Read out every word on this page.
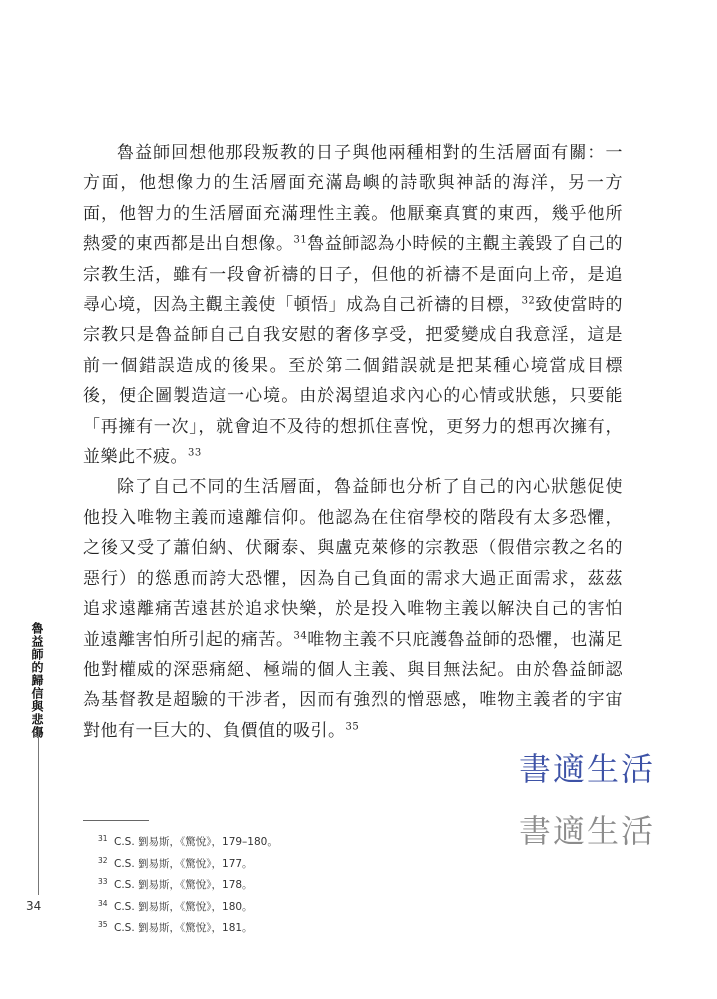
魯益師回想他那段叛教的日子與他兩種相對的生活層面有關：一方面，他想像力的生活層面充滿島嶼的詩歌與神話的海洋，另一方面，他智力的生活層面充滿理性主義。他厭棄真實的東西，幾乎他所熱愛的東西都是出自想像。$^{31}$魯益師認為小時候的主觀主義毀了自己的宗教生活，雖有一段會祈禱的日子，但他的祈禱不是面向上帝，是追尋心境，因為主觀主義使「頓悟」成為自己祈禱的目標，$^{32}$致使當時的宗教只是魯益師自己自我安慰的奢侈享受，把愛變成自我意淫，這是前一個錯誤造成的後果。至於第二個錯誤就是把某種心境當成目標後，便企圖製造這一心境。由於渴望追求內心的心情或狀態，只要能「再擁有一次」，就會迫不及待的想抓住喜悅，更努力的想再次擁有，並樂此不疲。$^{33}$

除了自己不同的生活層面，魯益師也分析了自己的內心狀態促使他投入唯物主義而遠離信仰。他認為在住宿學校的階段有太多恐懼，之後又受了蕭伯納、伏爾泰、與盧克萊修的宗教惡（假借宗教之名的惡行）的慫恿而誇大恐懼，因為自己負面的需求大過正面需求，茲茲追求遠離痛苦遠甚於追求快樂，於是投入唯物主義以解決自己的害怕並遠離害怕所引起的痛苦。$^{34}$唯物主義不只庇護魯益師的恐懼，也滿足他對權威的深惡痛絕、極端的個人主義、與目無法紀。由於魯益師認為基督教是超驗的干涉者，因而有強烈的憎惡感，唯物主義者的宇宙對他有一巨大的、負價值的吸引。$^{35}$

書適生活
書適生活
31 C.S. 劉易斯，《驚悅》，179–180。
32 C.S. 劉易斯，《驚悅》，177。
33 C.S. 劉易斯，《驚悅》，178。
34 C.S. 劉易斯，《驚悅》，180。
35 C.S. 劉易斯，《驚悅》，181。
魯益師的歸信與悲傷
34
